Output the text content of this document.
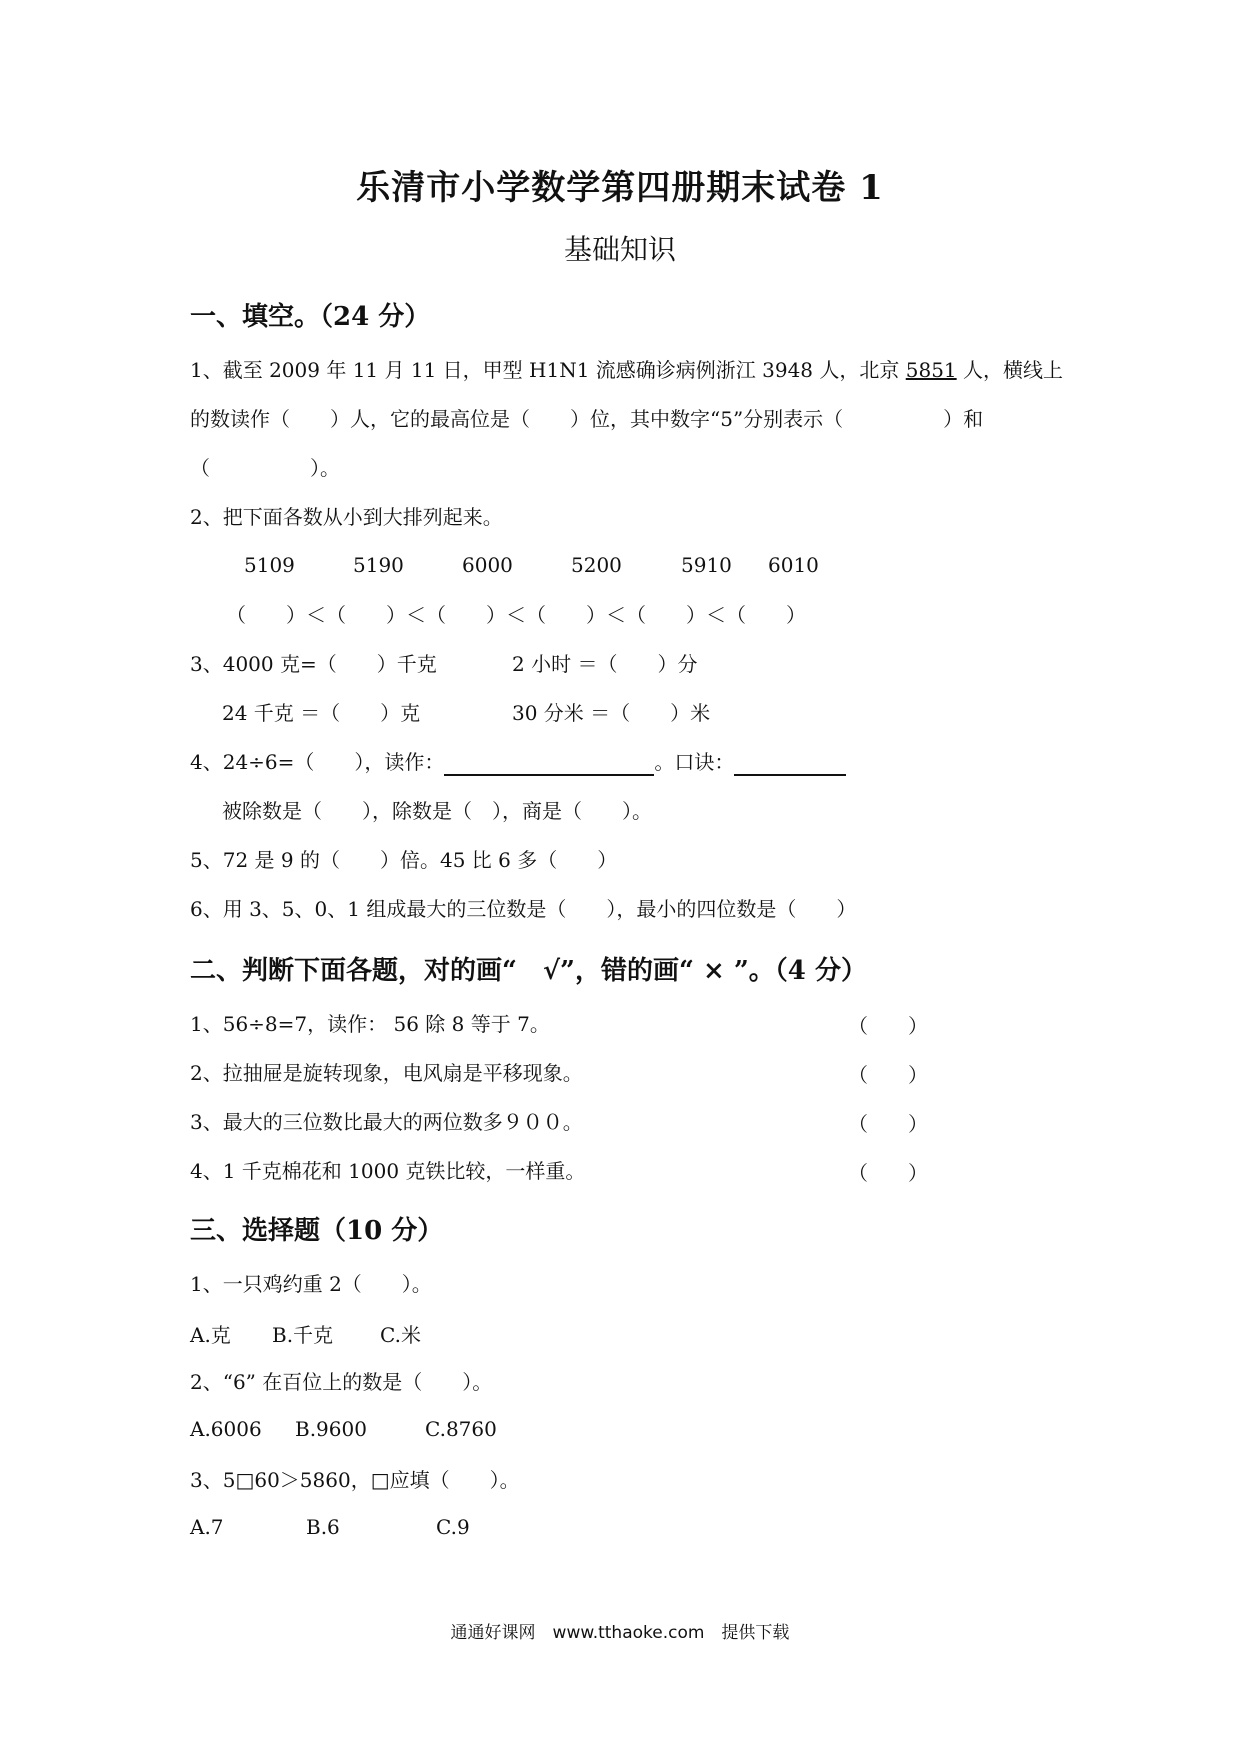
乐清市小学数学第四册期末试卷 1
基础知识
一、填空。（24 分）
1、截至 2009 年 11 月 11 日，甲型 H1N1 流感确诊病例浙江 3948 人，北京 5851 人，横线上
的数读作（　　）人，它的最高位是（　　）位，其中数字“5”分别表示（　　　　　）和
（　　　　　）。
2、把下面各数从小到大排列起来。
5109	5190	6000	5200	5910 6010
（　　）＜（　　）＜（　　）＜（　　）＜（　　）＜（　　）
3、4000 克=（　　）千克	2 小时 ＝（　　）分
24 千克 ＝（　　）克	30 分米 ＝（　　）米
4、24÷6=（　　），读作：	。口诀：
被除数是（　　），除数是（　），商是（　　）。
5、72 是 9 的（　　）倍。45 比 6 多（　　）
6、用 3、5、0、1 组成最大的三位数是（　　），最小的四位数是（　　）
二、判断下面各题，对的画“　√”，错的画“ × ”。（4 分）
1、56÷8=7，读作： 56 除 8 等于 7。	（　　）
2、拉抽屉是旋转现象，电风扇是平移现象。	（　　）
3、最大的三位数比最大的两位数多９００。	（　　）
4、1 千克棉花和 1000 克铁比较，一样重。	（　　）
三、选择题（10 分）
1、一只鸡约重 2（　　）。
A.克 B.千克 C.米
2、“6” 在百位上的数是（　　）。
A.6006 B.9600	C.8760
3、5□60＞5860，□应填（　　）。
A.7	B.6	C.9
通通好课网　www.tthaoke.com　提供下载
